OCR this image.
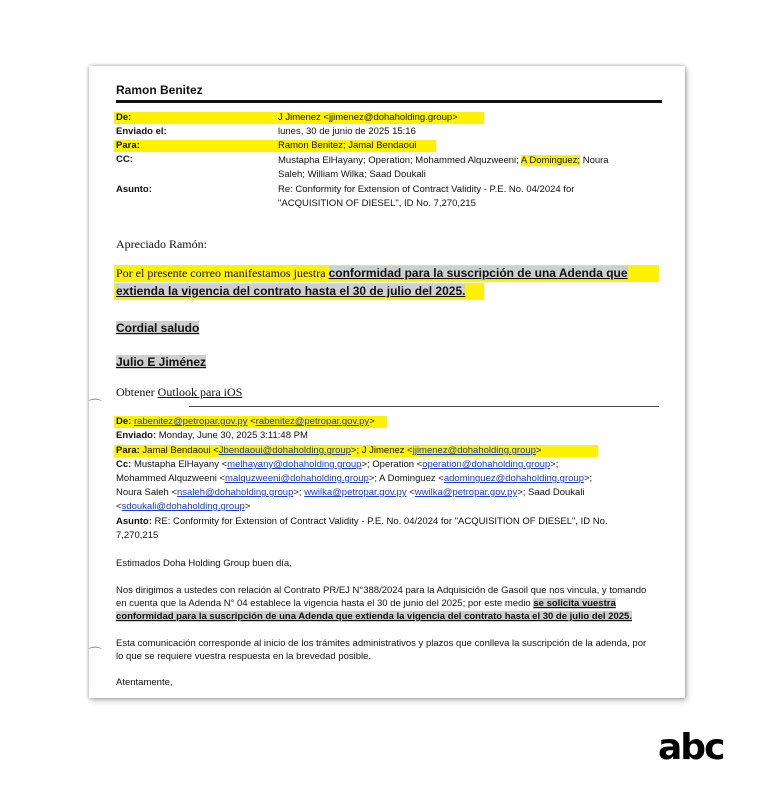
Ramon Benitez
De:	J Jimenez <jjimenez@dohaholding.group>
Enviado el:	lunes, 30 de junio de 2025 15:16
Para:	Ramon Benitez; Jamal Bendaoui
CC:	Mustapha ElHayany; Operation; Mohammed Alquzweeni; A Dominguez; Noura
Saleh; William Wilka; Saad Doukali
Asunto:	Re: Conformity for Extension of Contract Validity - P.E. No. 04/2024 for
"ACQUISITION OF DIESEL", ID No. 7,270,215
Apreciado Ramón:
Por el presente correo manifestamos juestra conformidad para la suscripción de una Adenda que
extienda la vigencia del contrato hasta el 30 de julio del 2025.
Cordial saludo
Julio E Jiménez
Obtener Outlook para iOS
De: rabenitez@petropar.gov.py <rabenitez@petropar.gov.py>
Enviado: Monday, June 30, 2025 3:11:48 PM
Para: Jamal Bendaoui <Jbendaoui@dohaholding.group>; J Jimenez <jjimenez@dohaholding.group>
Cc: Mustapha ElHayany <melhayany@dohaholding.group>; Operation <operation@dohaholding.group>;
Mohammed Alquzweeni <malquzweeni@dohaholding.group>; A Dominguez <adominguez@dohaholding.group>;
Noura Saleh <nsaleh@dohaholding.group>; wwilka@petropar.gov.py <wwilka@petropar.gov.py>; Saad Doukali
<sdoukali@dohaholding.group>
Asunto: RE: Conformity for Extension of Contract Validity - P.E. No. 04/2024 for "ACQUISITION OF DIESEL", ID No.
7,270,215
Estimados Doha Holding Group buen día,
Nos dirigimos a ustedes con relación al Contrato PR/EJ N°388/2024 para la Adquisición de Gasoil que nos vincula, y tomando
en cuenta que la Adenda N° 04 establece la vigencia hasta el 30 de junio del 2025; por este medio se solicita vuestra
conformidad para la suscripción de una Adenda que extienda la vigencia del contrato hasta el 30 de julio del 2025.
Esta comunicación corresponde al inicio de los trámites administrativos y plazos que conlleva la suscripción de la adenda, por
lo que se requiere vuestra respuesta en la brevedad posible.
Atentamente,
⌒
⌒
abc
